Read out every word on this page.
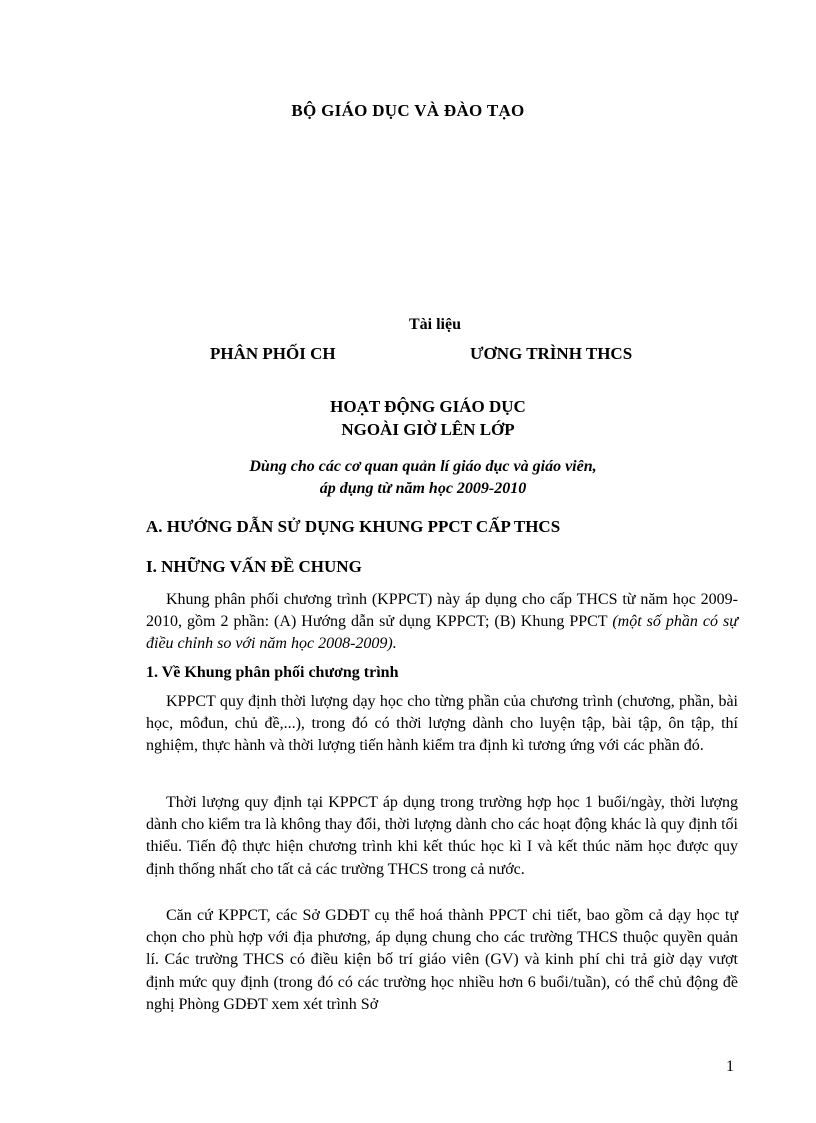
BỘ GIÁO DỤC VÀ ĐÀO TẠO
Tài liệu
PHÂN PHỐI CH	ƯƠNG TRÌNH THCS
HOẠT ĐỘNG GIÁO DỤC
NGOÀI GIỜ LÊN LỚP
Dùng cho các cơ quan quản lí giáo dục và giáo viên,
áp dụng từ năm học 2009-2010
A. HƯỚNG DẪN SỬ DỤNG KHUNG PPCT CẤP THCS
I. NHỮNG VẤN ĐỀ CHUNG

Khung phân phối chương trình (KPPCT) này áp dụng cho cấp THCS từ năm học 2009-2010, gồm 2 phần: (A) Hướng dẫn sử dụng KPPCT; (B) Khung PPCT (một số phần có sự điều chỉnh so với năm học 2008-2009).

1. Về Khung phân phối chương trình

KPPCT quy định thời lượng dạy học cho từng phần của chương trình (chương, phần, bài học, môđun, chủ đề,...), trong đó có thời lượng dành cho luyện tập, bài tập, ôn tập, thí nghiệm, thực hành và thời lượng tiến hành kiểm tra định kì tương ứng với các phần đó.

Thời lượng quy định tại KPPCT áp dụng trong trường hợp học 1 buổi/ngày, thời lượng dành cho kiểm tra là không thay đổi, thời lượng dành cho các hoạt động khác là quy định tối thiểu. Tiến độ thực hiện chương trình khi kết thúc học kì I và kết thúc năm học được quy định thống nhất cho tất cả các trường THCS trong cả nước.

Căn cứ KPPCT, các Sở GDĐT cụ thể hoá thành PPCT chi tiết, bao gồm cả dạy học tự chọn cho phù hợp với địa phương, áp dụng chung cho các trường THCS thuộc quyền quản lí. Các trường THCS có điều kiện bố trí giáo viên (GV) và kinh phí chi trả giờ dạy vượt định mức quy định (trong đó có các trường học nhiều hơn 6 buổi/tuần), có thể chủ động đề nghị Phòng GDĐT xem xét trình Sở

1
